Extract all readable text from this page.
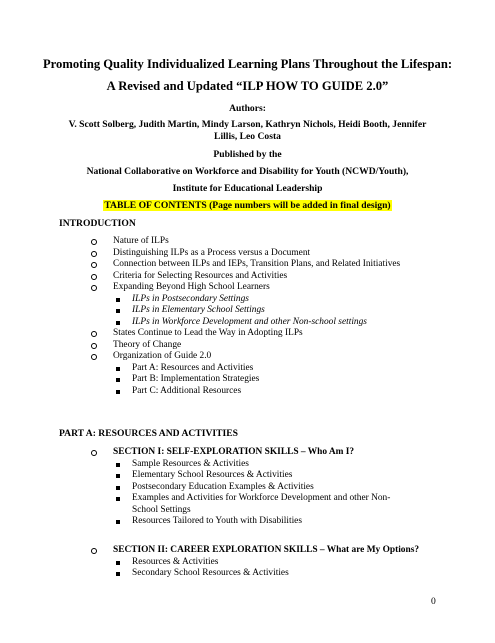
Promoting Quality Individualized Learning Plans Throughout the Lifespan:
A Revised and Updated “ILP HOW TO GUIDE 2.0”
Authors:
V. Scott Solberg, Judith Martin, Mindy Larson, Kathryn Nichols, Heidi Booth, Jennifer
Lillis, Leo Costa
Published by the
National Collaborative on Workforce and Disability for Youth (NCWD/Youth),
Institute for Educational Leadership
TABLE OF CONTENTS (Page numbers will be added in final design)
INTRODUCTION
Nature of ILPs
Distinguishing ILPs as a Process versus a Document
Connection between ILPs and IEPs, Transition Plans, and Related Initiatives
Criteria for Selecting Resources and Activities
Expanding Beyond High School Learners
ILPs in Postsecondary Settings
ILPs in Elementary School Settings
ILPs in Workforce Development and other Non-school settings
States Continue to Lead the Way in Adopting ILPs
Theory of Change
Organization of Guide 2.0
Part A: Resources and Activities
Part B: Implementation Strategies
Part C: Additional Resources
PART A: RESOURCES AND ACTIVITIES
SECTION I: SELF-EXPLORATION SKILLS – Who Am I?
Sample Resources & Activities
Elementary School Resources & Activities
Postsecondary Education Examples & Activities
Examples and Activities for Workforce Development and other Non-School Settings
Resources Tailored to Youth with Disabilities
SECTION II: CAREER EXPLORATION SKILLS – What are My Options?
Resources & Activities
Secondary School Resources & Activities
0
